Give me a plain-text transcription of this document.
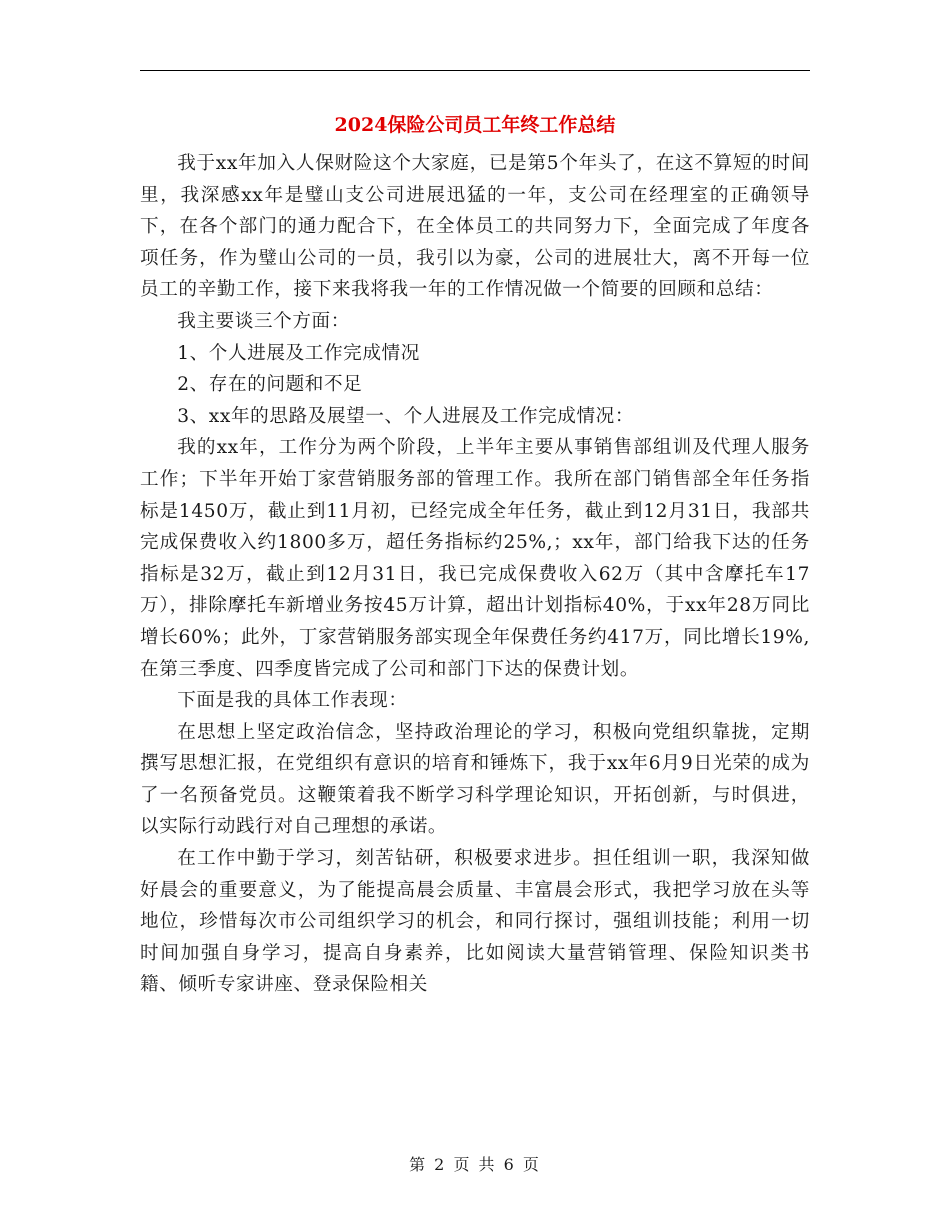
2024保险公司员工年终工作总结

我于xx年加入人保财险这个大家庭，已是第5个年头了，在这不算短的时间里，我深感xx年是璧山支公司进展迅猛的一年，支公司在经理室的正确领导下，在各个部门的通力配合下，在全体员工的共同努力下，全面完成了年度各项任务，作为璧山公司的一员，我引以为豪，公司的进展壮大，离不开每一位员工的辛勤工作，接下来我将我一年的工作情况做一个简要的回顾和总结：

我主要谈三个方面：

1、个人进展及工作完成情况

2、存在的问题和不足

3、xx年的思路及展望一、个人进展及工作完成情况：

我的xx年，工作分为两个阶段，上半年主要从事销售部组训及代理人服务工作；下半年开始丁家营销服务部的管理工作。我所在部门销售部全年任务指标是1450万，截止到11月初，已经完成全年任务，截止到12月31日，我部共完成保费收入约1800多万，超任务指标约25%,；xx年，部门给我下达的任务指标是32万，截止到12月31日，我已完成保费收入62万（其中含摩托车17万），排除摩托车新增业务按45万计算，超出计划指标40%，于xx年28万同比增长60%；此外，丁家营销服务部实现全年保费任务约417万，同比增长19%,在第三季度、四季度皆完成了公司和部门下达的保费计划。

下面是我的具体工作表现：

在思想上坚定政治信念，坚持政治理论的学习，积极向党组织靠拢，定期撰写思想汇报，在党组织有意识的培育和锤炼下，我于xx年6月9日光荣的成为了一名预备党员。这鞭策着我不断学习科学理论知识，开拓创新，与时俱进，以实际行动践行对自己理想的承诺。

在工作中勤于学习，刻苦钻研，积极要求进步。担任组训一职，我深知做好晨会的重要意义，为了能提高晨会质量、丰富晨会形式，我把学习放在头等地位，珍惜每次市公司组织学习的机会，和同行探讨，强组训技能；利用一切时间加强自身学习，提高自身素养，比如阅读大量营销管理、保险知识类书籍、倾听专家讲座、登录保险相关

第 2 页 共 6 页
